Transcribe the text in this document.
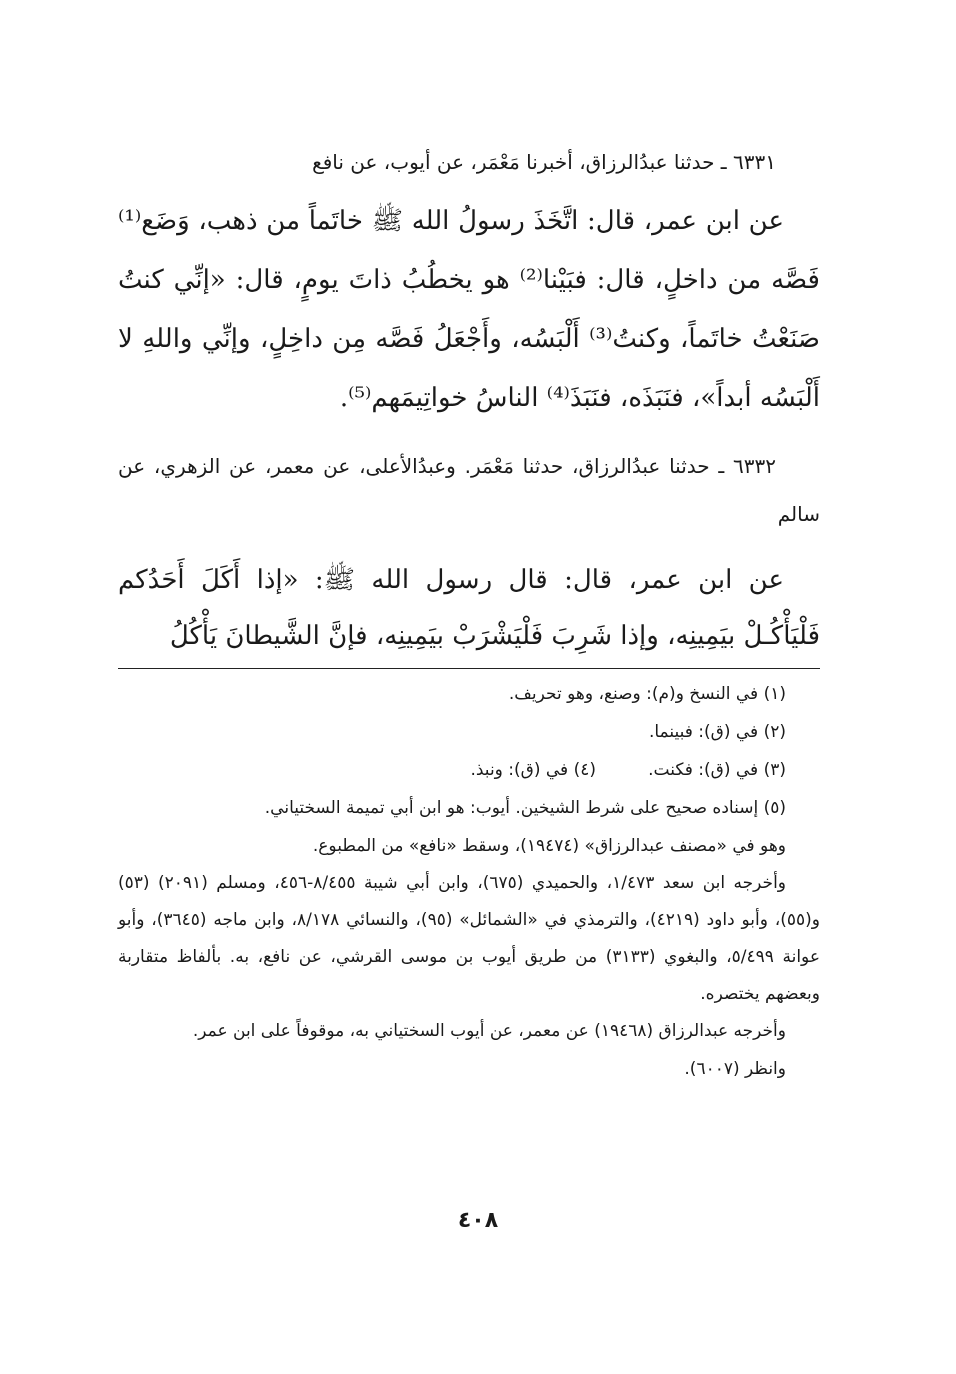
٦٣٣١ ـ حدثنا عبدُالرزاق، أخبرنا مَعْمَر، عن أيوب، عن نافع
عن ابن عمر، قال: اتَّخَذَ رسولُ الله ﷺ خاتَماً من ذهب، وَضَع⁽¹⁾ فَصَّه من داخلٍ، قال: فبَيْنا⁽²⁾ هو يخطُبُ ذاتَ يومٍ، قال: «إنِّي كنتُ صَنَعْتُ خاتَماً، وكنتُ⁽³⁾ أَلْبَسُه، وأَجْعَلُ فَصَّه مِن داخِلٍ، وإنِّي واللهِ لا أَلْبَسُه أبداً»، فنَبَذَه، فنَبَذَ⁽⁴⁾ الناسُ خواتِيمَهم⁽⁵⁾.
٦٣٣٢ ـ حدثنا عبدُالرزاق، حدثنا مَعْمَر. وعبدُالأعلى، عن معمر، عن الزهري، عن سالم
عن ابن عمر، قال: قال رسول الله ﷺ: «إذا أَكَلَ أَحَدُكم فَلْيَأْكُـلْ بيَمِينِه، وإذا شَرِبَ فَلْيَشْرَبْ بيَمِينِه، فإنَّ الشَّيطانَ يَأْكُلُ
(١) في النسخ و(م): وصنع، وهو تحريف.
(٢) في (ق): فبينما.
(٣) في (ق): فكنت.
(٤) في (ق): ونبذ.
(٥) إسناده صحيح على شرط الشيخين. أيوب: هو ابن أبي تميمة السختياني.
وهو في «مصنف عبدالرزاق» (١٩٤٧٤)، وسقط «نافع» من المطبوع.
وأخرجه ابن سعد ١/٤٧٣، والحميدي (٦٧٥)، وابن أبي شيبة ٨/٤٥٥-٤٥٦، ومسلم (٢٠٩١) (٥٣) و(٥٥)، وأبو داود (٤٢١٩)، والترمذي في «الشمائل» (٩٥)، والنسائي ٨/١٧٨، وابن ماجه (٣٦٤٥)، وأبو عوانة ٥/٤٩٩، والبغوي (٣١٣٣) من طريق أيوب بن موسى القرشي، عن نافع، به. بألفاظ متقاربة وبعضهم يختصره.
وأخرجه عبدالرزاق (١٩٤٦٨) عن معمر، عن أيوب السختياني به، موقوفاً على ابن عمر.
وانظر (٦٠٠٧).
٤٠٨
